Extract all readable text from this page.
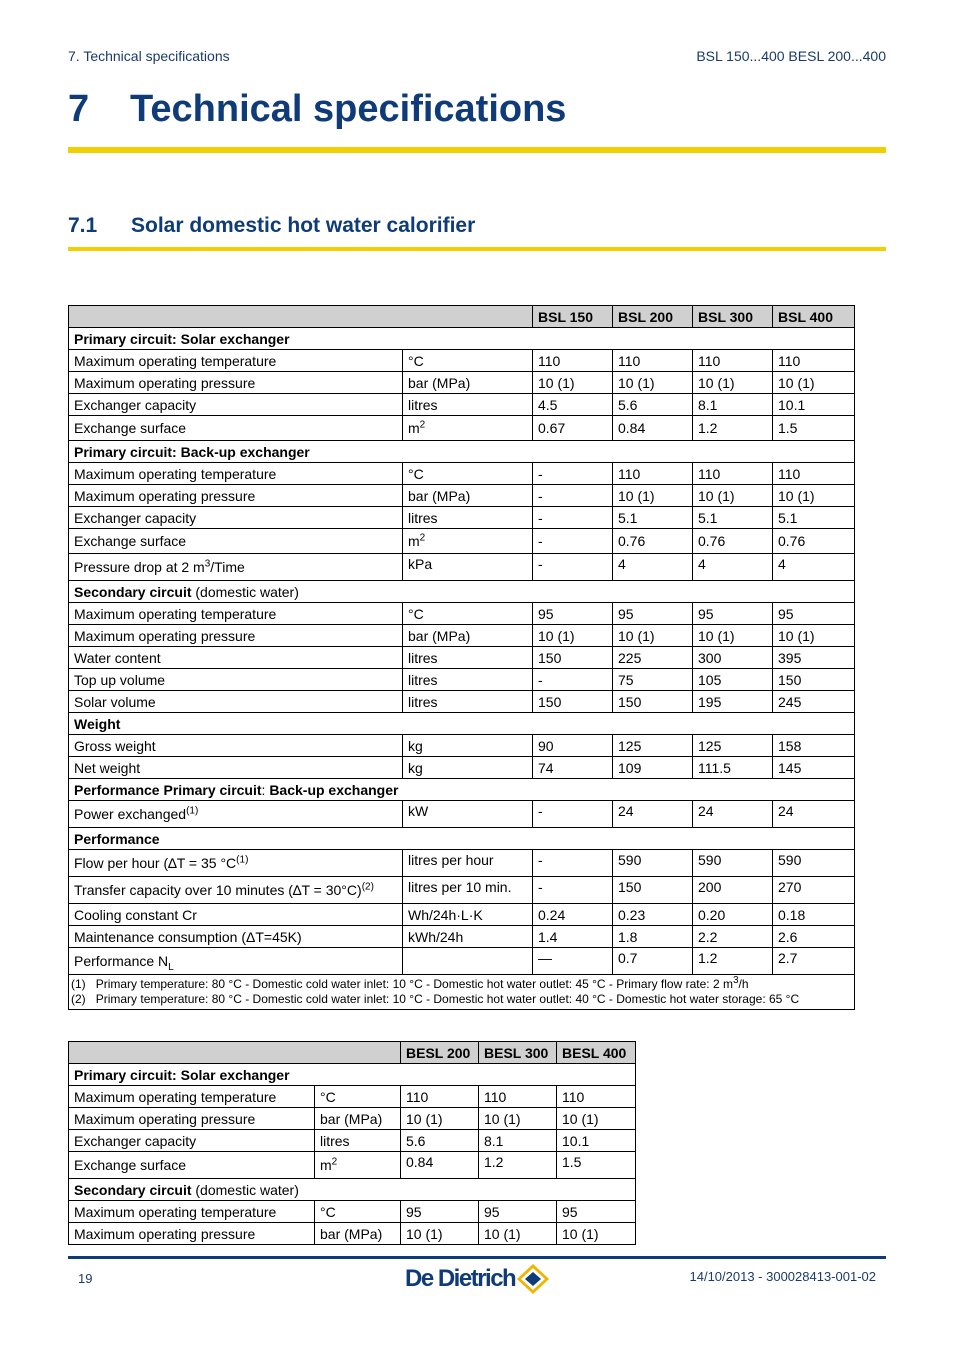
7. Technical specifications	BSL 150...400 BESL 200...400
7 Technical specifications
7.1 Solar domestic hot water calorifier
		BSL 150	BSL 200	BSL 300	BSL 400
Primary circuit: Solar exchanger					
Maximum operating temperature	°C	110	110	110	110
Maximum operating pressure	bar (MPa)	10 (1)	10 (1)	10 (1)	10 (1)
Exchanger capacity	litres	4.5	5.6	8.1	10.1
Exchange surface	$m^2$	0.67	0.84	1.2	1.5
Primary circuit: Back-up exchanger					
Maximum operating temperature	°C	-	110	110	110
Maximum operating pressure	bar (MPa)	-	10 (1)	10 (1)	10 (1)
Exchanger capacity	litres	-	5.1	5.1	5.1
Exchange surface	$m^2$	-	0.76	0.76	0.76
Pressure drop at 2 $m^3$/Time	kPa	-	4	4	4
Secondary circuit (domestic water)					
Maximum operating temperature	°C	95	95	95	95
Maximum operating pressure	bar (MPa)	10 (1)	10 (1)	10 (1)	10 (1)
Water content	litres	150	225	300	395
Top up volume	litres	-	75	105	150
Solar volume	litres	150	150	195	245
Weight					
Gross weight	kg	90	125	125	158
Net weight	kg	74	109	111.5	145
Performance Primary circuit: Back-up exchanger					
Power exchanged$^{(1)}$	kW	-	24	24	24
Performance					
Flow per hour (∆T = 35 $^\circ C^{(1)}$	litres per hour	-	590	590	590
Transfer capacity over 10 minutes (∆T = 30°C)$^{(2)}$	litres per 10 min.	-	150	200	270
Cooling constant Cr	Wh/24h·L·K	0.24	0.23	0.20	0.18
Maintenance consumption (ΔT=45K)	kWh/24h	1.4	1.8	2.2	2.6
Performance $N_L$		—	0.7	1.2	2.7

(1) Primary temperature: 80 °C - Domestic cold water inlet: 10 °C - Domestic hot water outlet: 45 °C - Primary flow rate: 2 $m^3/h$
(2) Primary temperature: 80 °C - Domestic cold water inlet: 10 °C - Domestic hot water outlet: 40 °C - Domestic hot water storage: 65 °C					
		BESL 200	BESL 300	BESL 400
Primary circuit: Solar exchanger				
Maximum operating temperature	°C	110	110	110
Maximum operating pressure	bar (MPa)	10 (1)	10 (1)	10 (1)
Exchanger capacity	litres	5.6	8.1	10.1
Exchange surface	$m^2$	0.84	1.2	1.5
Secondary circuit (domestic water)				
Maximum operating temperature	°C	95	95	95
Maximum operating pressure	bar (MPa)	10 (1)	10 (1)	10 (1)
19	De Dietrich	14/10/2013 - 300028413-001-02
